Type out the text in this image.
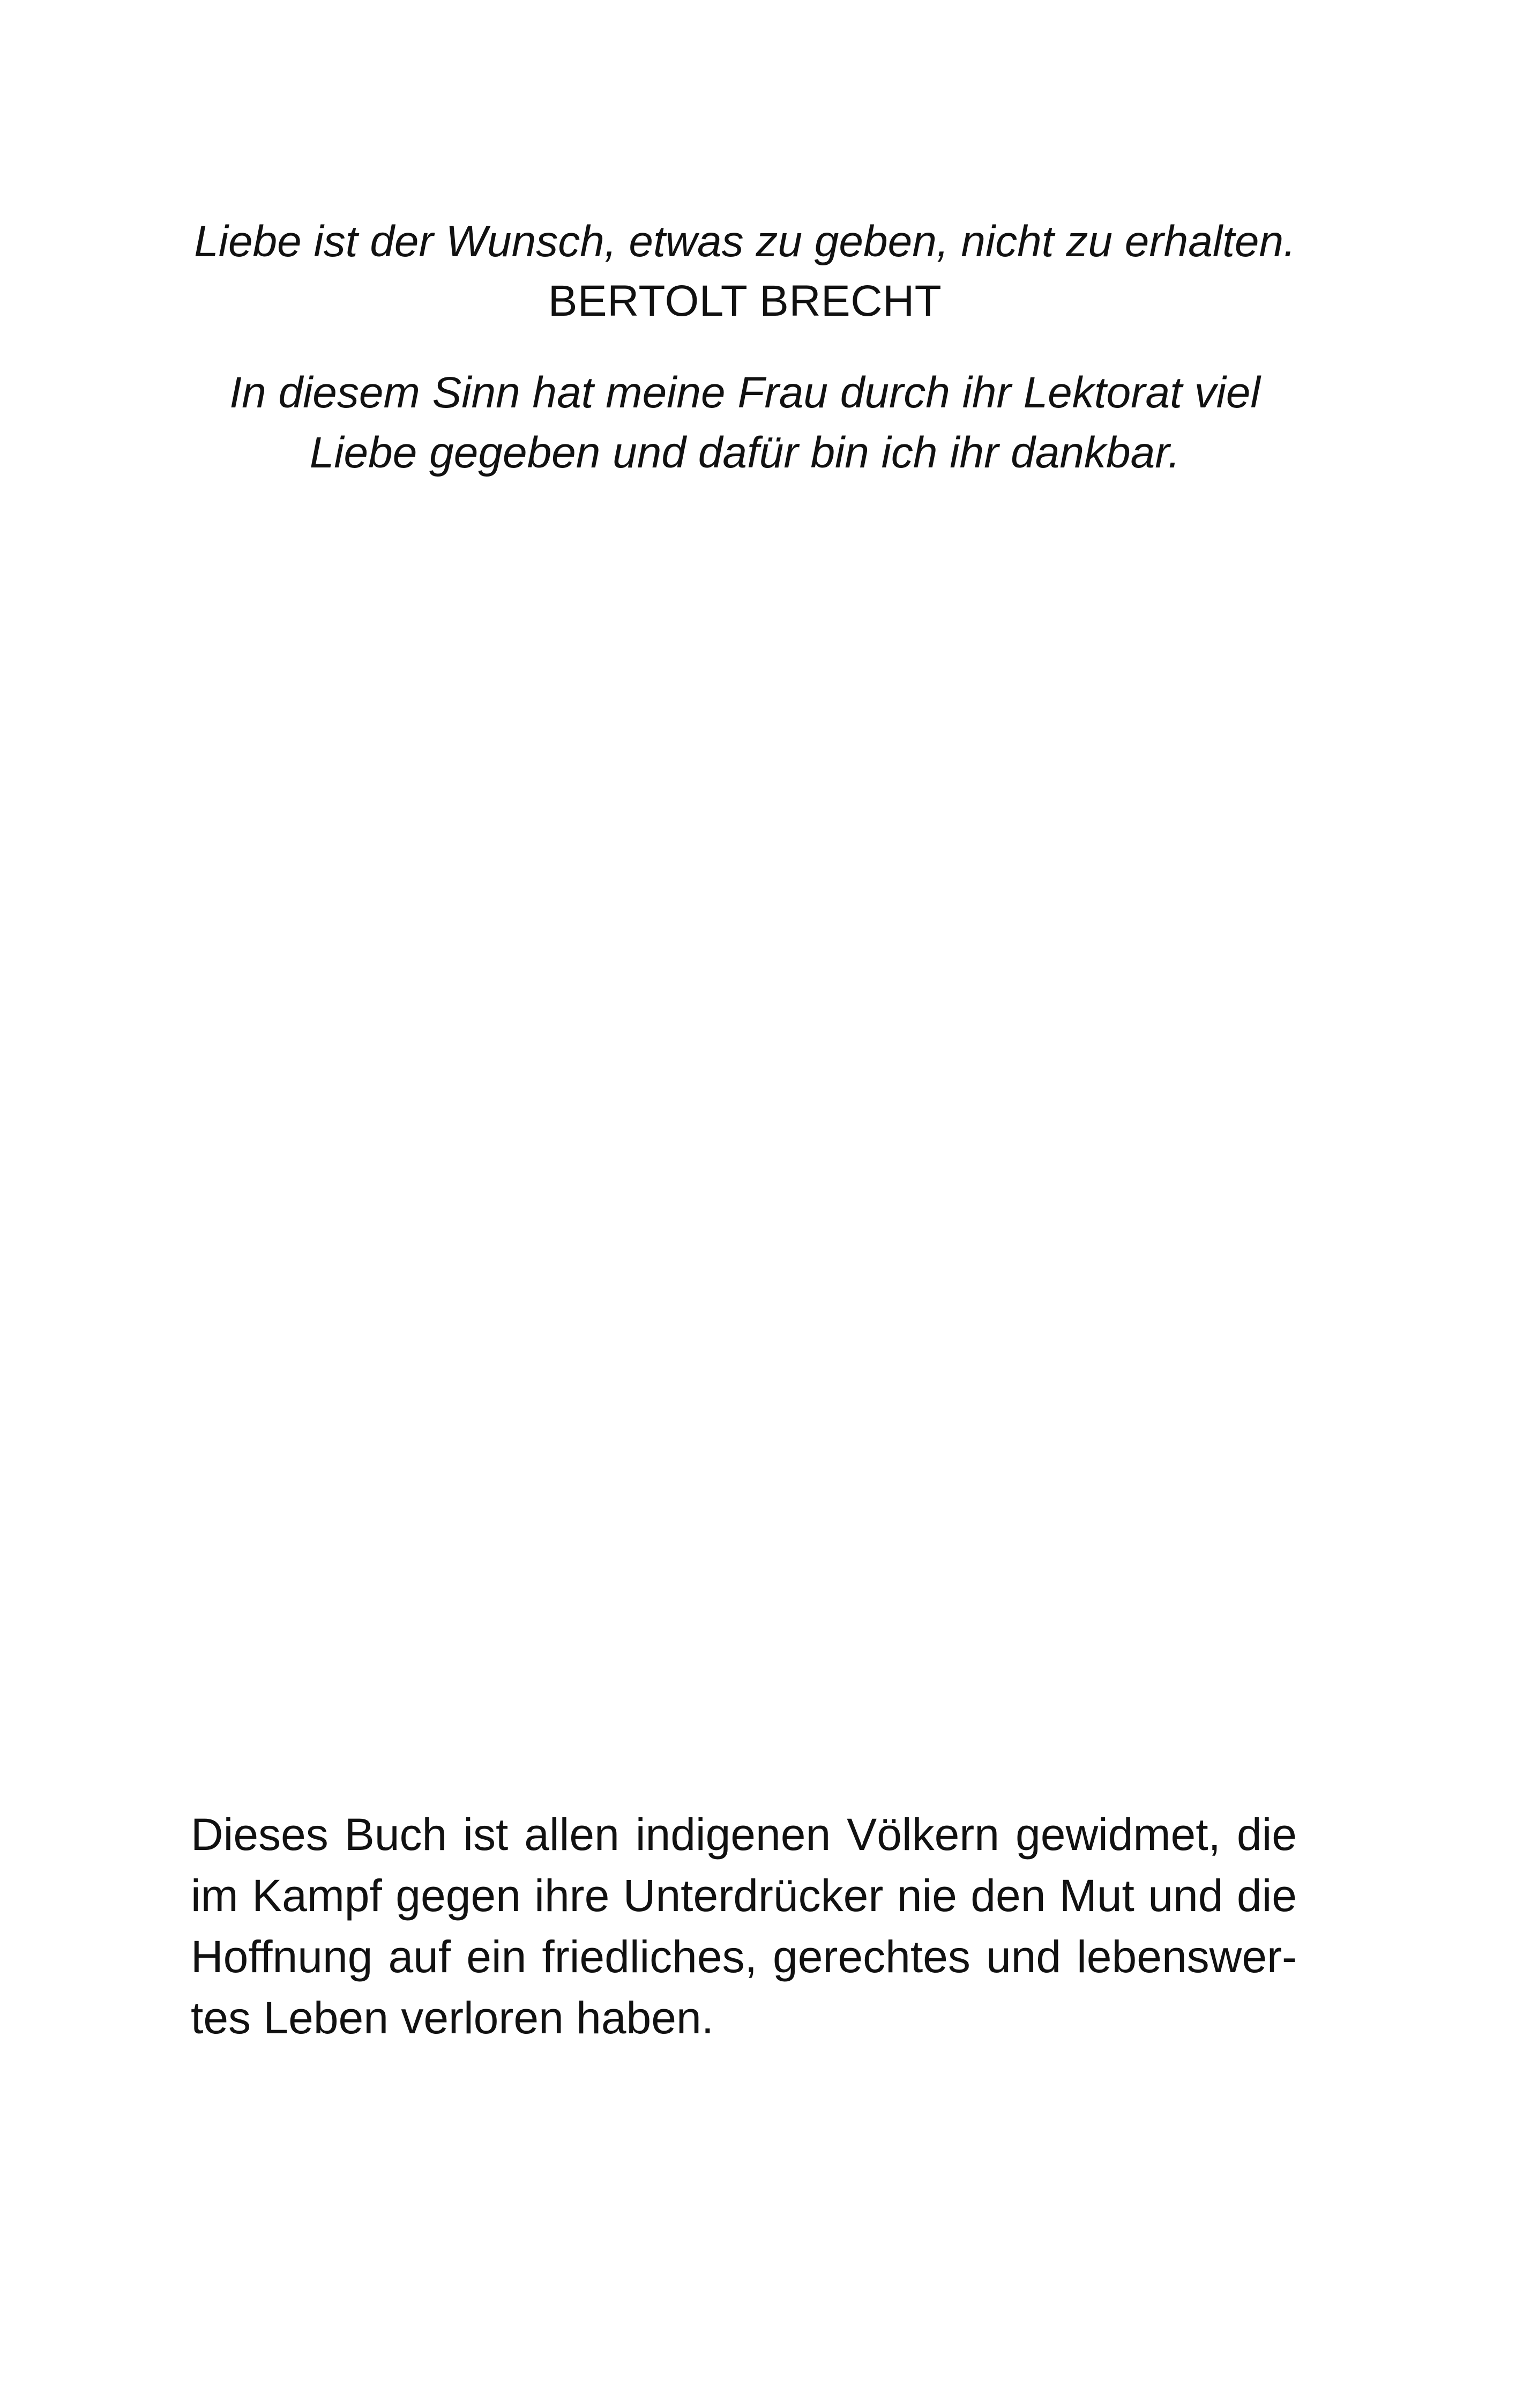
Liebe ist der Wunsch, etwas zu geben, nicht zu erhalten.

BERTOLT BRECHT

In diesem Sinn hat meine Frau durch ihr Lektorat viel
Liebe gegeben und dafür bin ich ihr dankbar.

Dieses Buch ist allen indigenen Völkern gewidmet, die
im Kampf gegen ihre Unterdrücker nie den Mut und die
Hoffnung auf ein friedliches, gerechtes und lebenswer-
tes Leben verloren haben.
